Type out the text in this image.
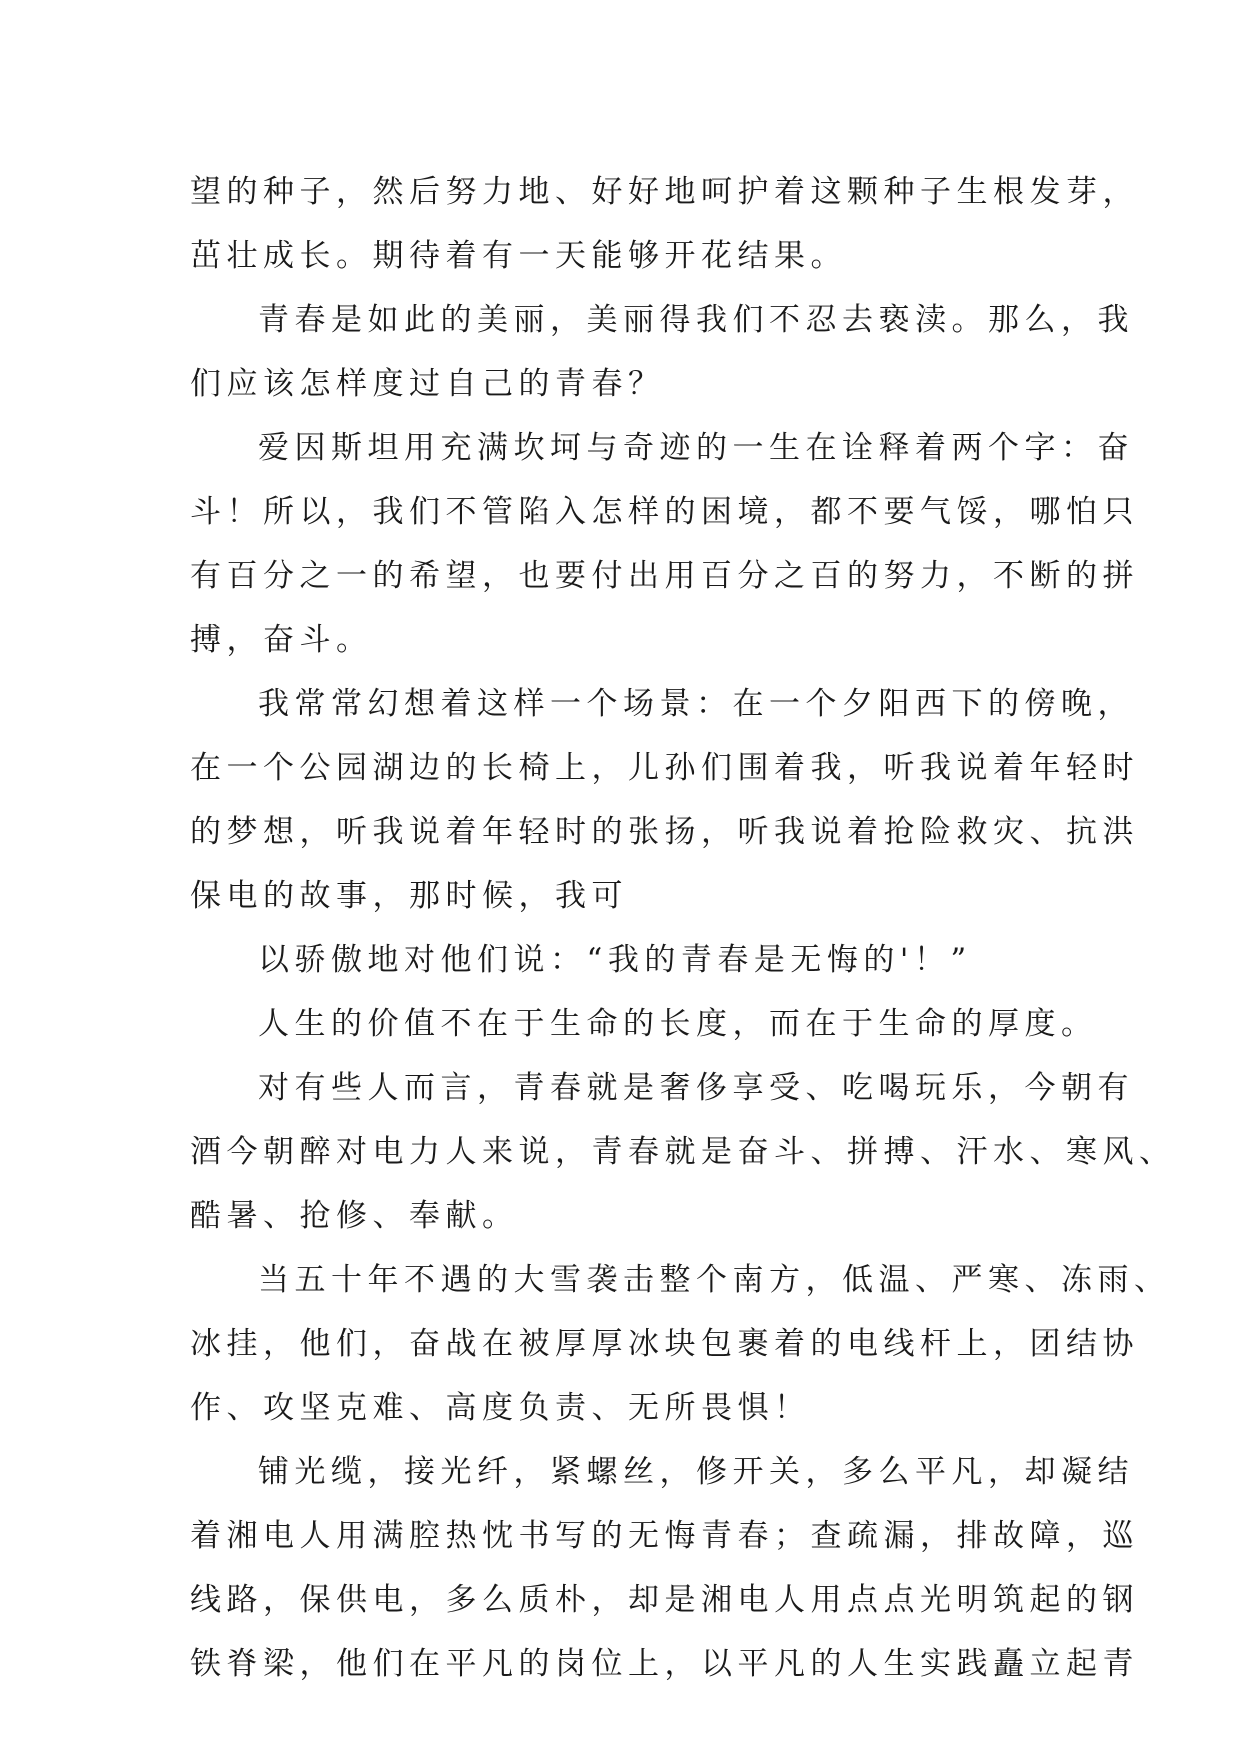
望的种子，然后努力地、好好地呵护着这颗种子生根发芽，
茁壮成长。期待着有一天能够开花结果。
青春是如此的美丽，美丽得我们不忍去亵渎。那么，我
们应该怎样度过自己的青春？
爱因斯坦用充满坎坷与奇迹的一生在诠释着两个字：奋
斗！所以，我们不管陷入怎样的困境，都不要气馁，哪怕只
有百分之一的希望，也要付出用百分之百的努力，不断的拼
搏，奋斗。
我常常幻想着这样一个场景：在一个夕阳西下的傍晚，
在一个公园湖边的长椅上，儿孙们围着我，听我说着年轻时
的梦想，听我说着年轻时的张扬，听我说着抢险救灾、抗洪
保电的故事，那时候，我可
以骄傲地对他们说：“我的青春是无悔的'！”
人生的价值不在于生命的长度，而在于生命的厚度。
对有些人而言，青春就是奢侈享受、吃喝玩乐，今朝有
酒今朝醉对电力人来说，青春就是奋斗、拼搏、汗水、寒风、
酷暑、抢修、奉献。
当五十年不遇的大雪袭击整个南方，低温、严寒、冻雨、
冰挂，他们，奋战在被厚厚冰块包裹着的电线杆上，团结协
作、攻坚克难、高度负责、无所畏惧！
铺光缆，接光纤，紧螺丝，修开关，多么平凡，却凝结
着湘电人用满腔热忱书写的无悔青春；查疏漏，排故障，巡
线路，保供电，多么质朴，却是湘电人用点点光明筑起的钢
铁脊梁，他们在平凡的岗位上，以平凡的人生实践矗立起青
